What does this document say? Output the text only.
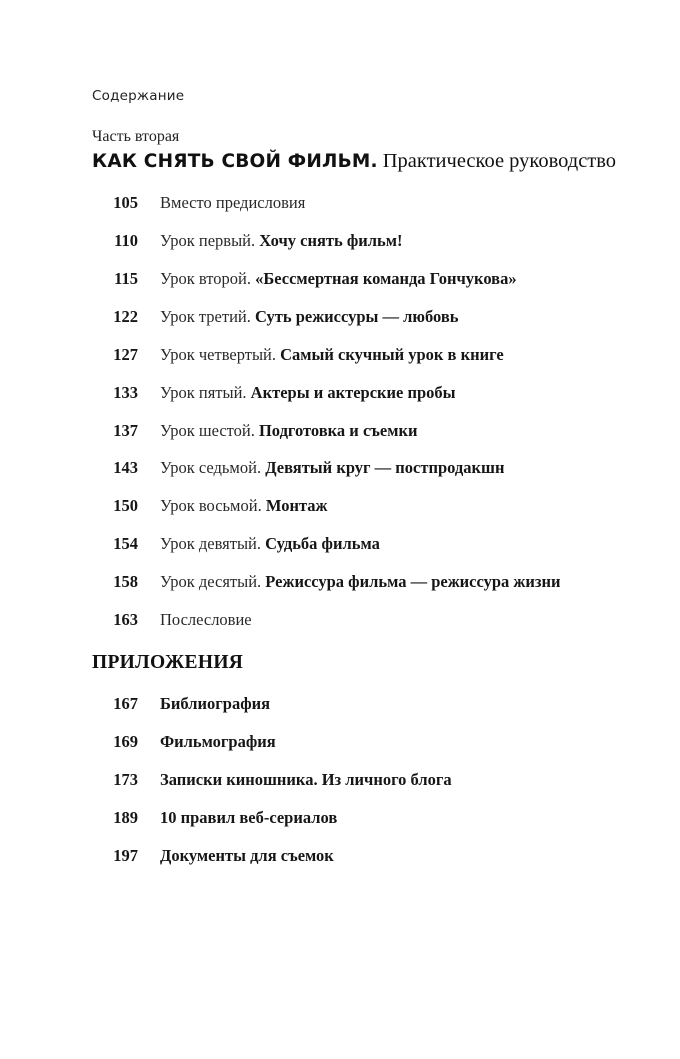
Содержание
Часть вторая
КАК СНЯТЬ СВОЙ ФИЛЬМ. Практическое руководство
105 Вместо предисловия
110 Урок первый. Хочу снять фильм!
115 Урок второй. «Бессмертная команда Гончукова»
122 Урок третий. Суть режиссуры — любовь
127 Урок четвертый. Самый скучный урок в книге
133 Урок пятый. Актеры и актерские пробы
137 Урок шестой. Подготовка и съемки
143 Урок седьмой. Девятый круг — постпродакшн
150 Урок восьмой. Монтаж
154 Урок девятый. Судьба фильма
158 Урок десятый. Режиссура фильма — режиссура жизни
163 Послесловие
ПРИЛОЖЕНИЯ
167 Библиография
169 Фильмография
173 Записки киношника. Из личного блога
189 10 правил веб-сериалов
197 Документы для съемок
